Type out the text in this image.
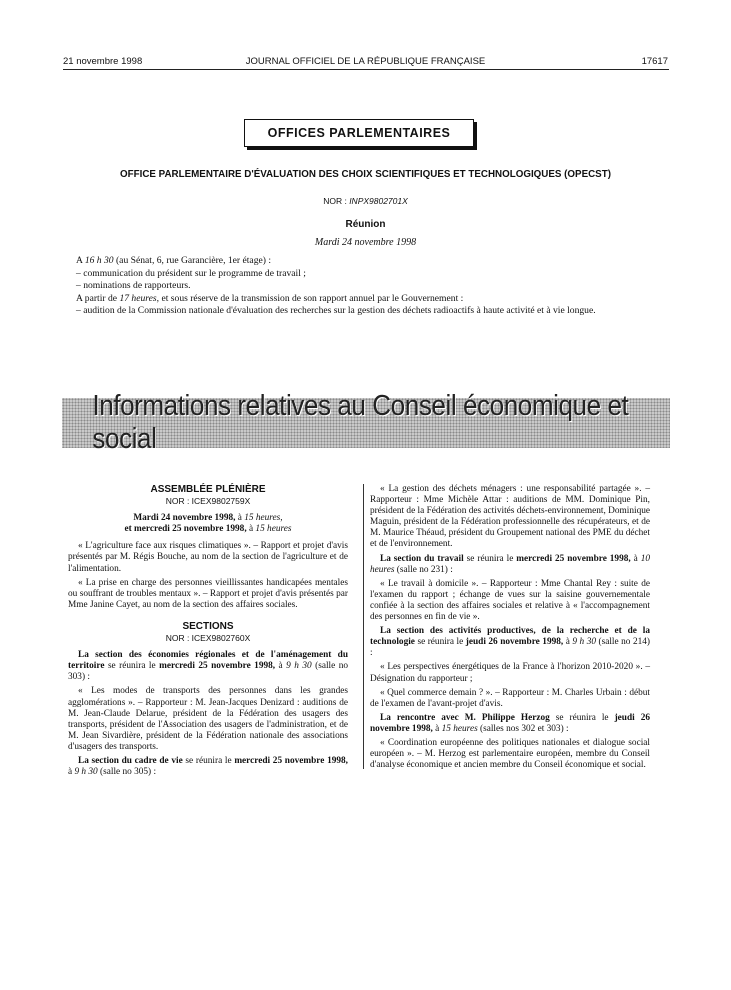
21 novembre 1998	JOURNAL OFFICIEL DE LA RÉPUBLIQUE FRANÇAISE	17617
OFFICES PARLEMENTAIRES
OFFICE PARLEMENTAIRE D'ÉVALUATION DES CHOIX SCIENTIFIQUES ET TECHNOLOGIQUES (OPECST)
NOR : INPX9802701X
Réunion
Mardi 24 novembre 1998
A 16 h 30 (au Sénat, 6, rue Garancière, 1er étage) :
– communication du président sur le programme de travail ;
– nominations de rapporteurs.
A partir de 17 heures, et sous réserve de la transmission de son rapport annuel par le Gouvernement :
– audition de la Commission nationale d'évaluation des recherches sur la gestion des déchets radioactifs à haute activité et à vie longue.
Informations relatives au Conseil économique et social
ASSEMBLÉE PLÉNIÈRE
NOR : ICEX9802759X
Mardi 24 novembre 1998, à 15 heures,
et mercredi 25 novembre 1998, à 15 heures

« L'agriculture face aux risques climatiques ». – Rapport et projet d'avis présentés par M. Régis Bouche, au nom de la section de l'agriculture et de l'alimentation.

« La prise en charge des personnes vieillissantes handicapées mentales ou souffrant de troubles mentaux ». – Rapport et projet d'avis présentés par Mme Janine Cayet, au nom de la section des affaires sociales.

SECTIONS
NOR : ICEX9802760X

La section des économies régionales et de l'aménagement du territoire se réunira le mercredi 25 novembre 1998, à 9 h 30 (salle no 303) :

« Les modes de transports des personnes dans les grandes agglomérations ». – Rapporteur : M. Jean-Jacques Denizard : auditions de M. Jean-Claude Delarue, président de la Fédération des usagers des transports, président de l'Association des usagers de l'administration, et de M. Jean Sivardière, président de la Fédération nationale des associations d'usagers des transports.

La section du cadre de vie se réunira le mercredi 25 novembre 1998, à 9 h 30 (salle no 305) :

« La gestion des déchets ménagers : une responsabilité partagée ». – Rapporteur : Mme Michèle Attar : auditions de MM. Dominique Pin, président de la Fédération des activités déchets-environnement, Dominique Maguin, président de la Fédération professionnelle des récupérateurs, et de M. Maurice Théaud, président du Groupement national des PME du déchet et de l'environnement.

La section du travail se réunira le mercredi 25 novembre 1998, à 10 heures (salle no 231) :

« Le travail à domicile ». – Rapporteur : Mme Chantal Rey : suite de l'examen du rapport ; échange de vues sur la saisine gouvernementale confiée à la section des affaires sociales et relative à « l'accompagnement des personnes en fin de vie ».

La section des activités productives, de la recherche et de la technologie se réunira le jeudi 26 novembre 1998, à 9 h 30 (salle no 214) :

« Les perspectives énergétiques de la France à l'horizon 2010-2020 ». – Désignation du rapporteur ;

« Quel commerce demain ? ». – Rapporteur : M. Charles Urbain : début de l'examen de l'avant-projet d'avis.

La rencontre avec M. Philippe Herzog se réunira le jeudi 26 novembre 1998, à 15 heures (salles nos 302 et 303) :

« Coordination européenne des politiques nationales et dialogue social européen ». – M. Herzog est parlementaire européen, membre du Conseil d'analyse économique et ancien membre du Conseil économique et social.
